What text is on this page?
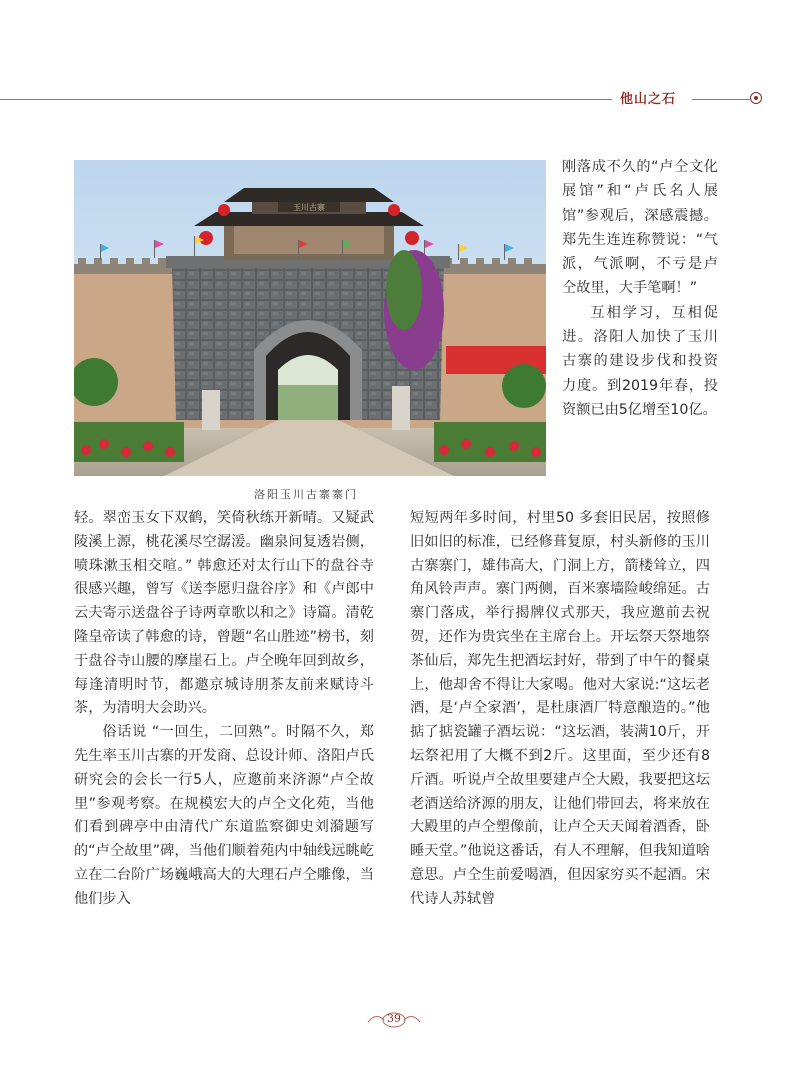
他山之石
玉川古寨
洛阳玉川古寨寨门

刚落成不久的“卢仝文化展馆”和“卢氏名人展馆”参观后，深感震撼。郑先生连连称赞说：“气派，气派啊，不亏是卢仝故里，大手笔啊！”

互相学习，互相促进。洛阳人加快了玉川古寨的建设步伐和投资力度。到2019年春，投资额已由5亿增至10亿。

轻。翠峦玉女下双鹤，笑倚秋练开新晴。又疑武陵溪上源，桃花溪尽空潺湲。幽泉间复透岩侧，喷珠漱玉相交喧。” 韩愈还对太行山下的盘谷寺很感兴趣，曾写《送李愿归盘谷序》和《卢郎中云夫寄示送盘谷子诗两章歌以和之》诗篇。清乾隆皇帝读了韩愈的诗，曾题“名山胜迹”榜书，刻于盘谷寺山腰的摩崖石上。卢仝晚年回到故乡，每逢清明时节，都邀京城诗朋茶友前来赋诗斗茶，为清明大会助兴。

俗话说 “一回生，二回熟”。时隔不久，郑先生率玉川古寨的开发商、总设计师、洛阳卢氏研究会的会长一行5人，应邀前来济源“卢仝故里”参观考察。在规模宏大的卢仝文化苑，当他们看到碑亭中由清代广东道监察御史刘漪题写的“卢仝故里”碑，当他们顺着苑内中轴线远眺屹立在二台阶广场巍峨高大的大理石卢仝雕像，当他们步入

短短两年多时间，村里50 多套旧民居，按照修旧如旧的标准，已经修葺复原，村头新修的玉川古寨寨门，雄伟高大，门洞上方，箭楼耸立，四角风铃声声。寨门两侧，百米寨墙险峻绵延。古寨门落成，举行揭牌仪式那天，我应邀前去祝贺，还作为贵宾坐在主席台上。开坛祭天祭地祭茶仙后，郑先生把酒坛封好，带到了中午的餐桌上，他却舍不得让大家喝。他对大家说:“这坛老酒，是‘卢仝家酒’，是杜康酒厂特意酿造的。”他掂了掂瓷罐子酒坛说：“这坛酒，装满10斤，开坛祭祀用了大概不到2斤。这里面，至少还有8斤酒。听说卢仝故里要建卢仝大殿，我要把这坛老酒送给济源的朋友，让他们带回去，将来放在大殿里的卢仝塑像前，让卢仝天天闻着酒香，卧睡天堂。”他说这番话，有人不理解，但我知道啥意思。卢仝生前爱喝酒，但因家穷买不起酒。宋代诗人苏轼曾

39
